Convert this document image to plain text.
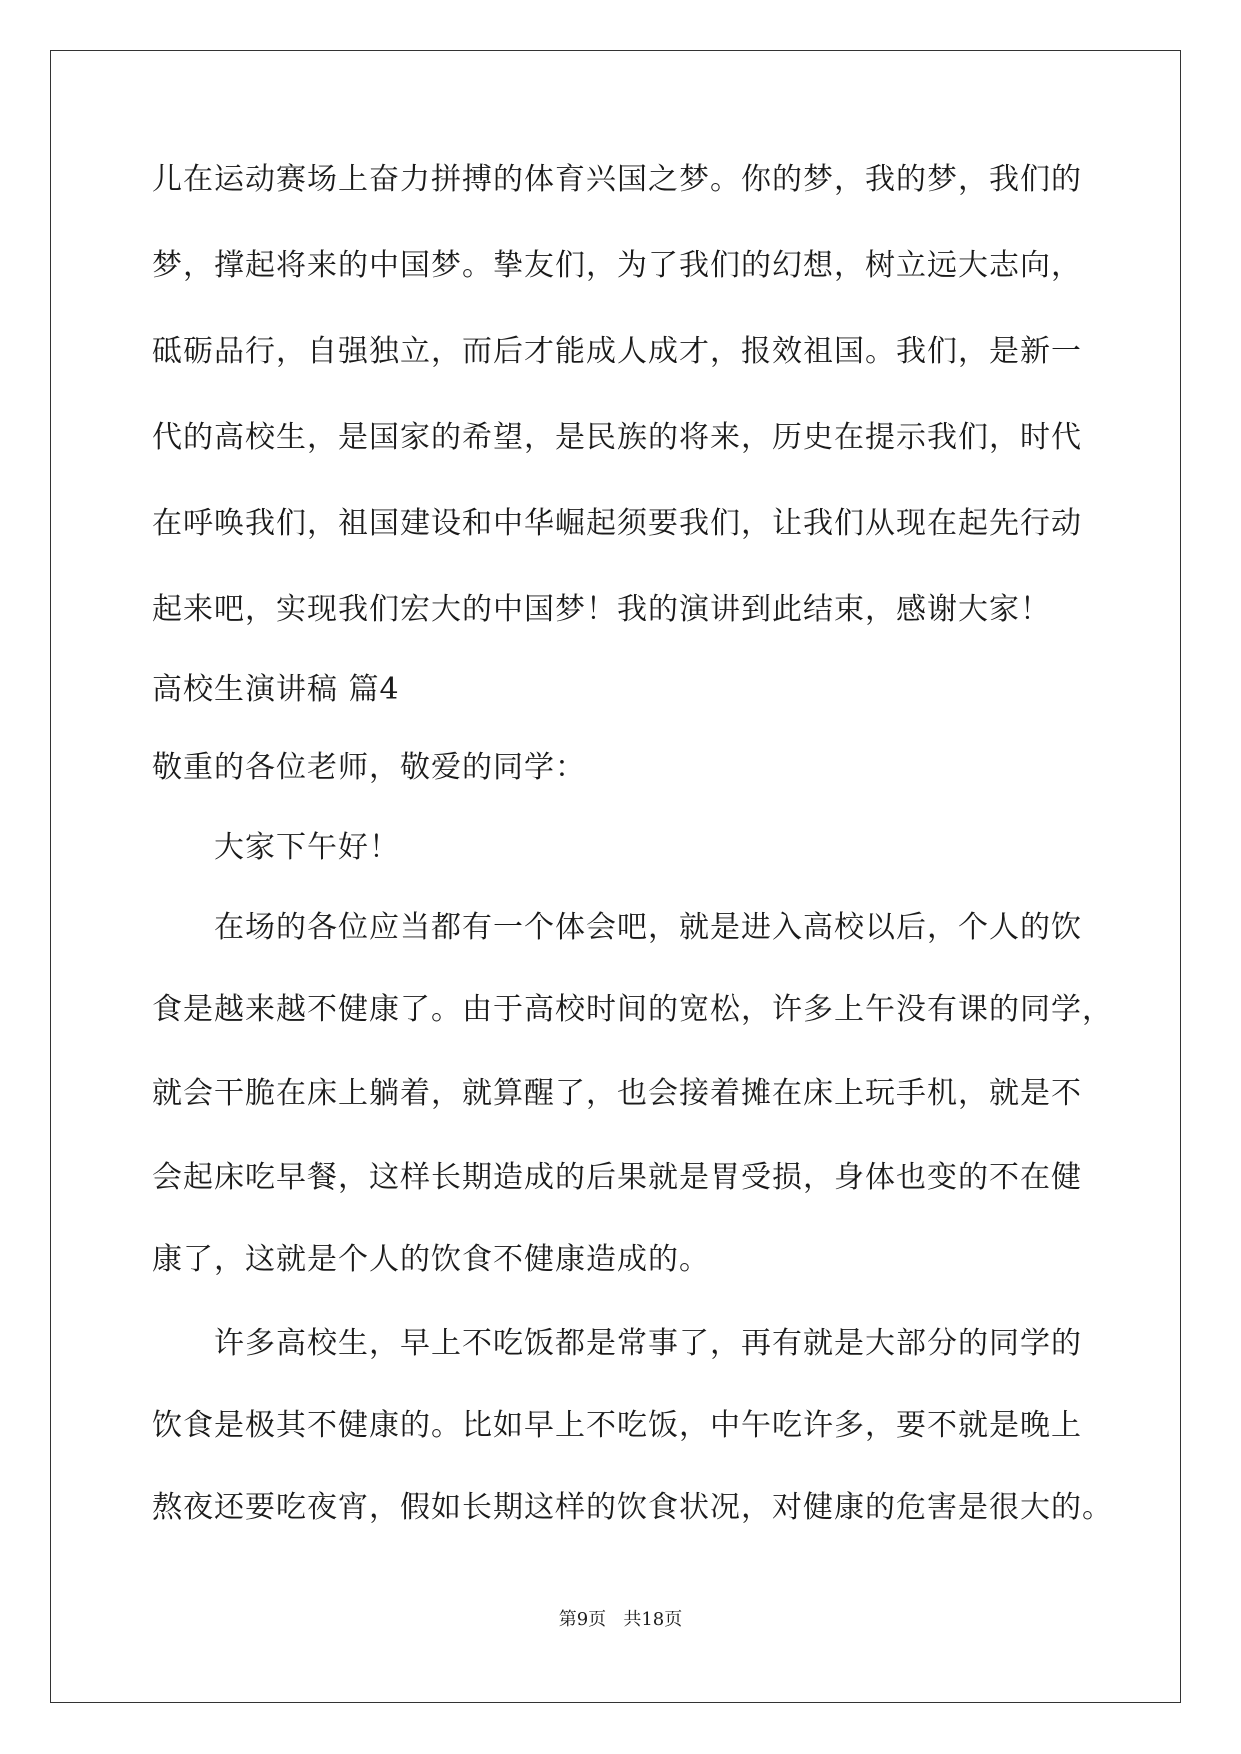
儿在运动赛场上奋力拼搏的体育兴国之梦。你的梦，我的梦，我们的
梦，撑起将来的中国梦。挚友们，为了我们的幻想，树立远大志向，
砥砺品行，自强独立，而后才能成人成才，报效祖国。我们，是新一
代的高校生，是国家的希望，是民族的将来，历史在提示我们，时代
在呼唤我们，祖国建设和中华崛起须要我们，让我们从现在起先行动
起来吧，实现我们宏大的中国梦！我的演讲到此结束，感谢大家！
高校生演讲稿 篇4
敬重的各位老师，敬爱的同学：
大家下午好！
在场的各位应当都有一个体会吧，就是进入高校以后，个人的饮
食是越来越不健康了。由于高校时间的宽松，许多上午没有课的同学，
就会干脆在床上躺着，就算醒了，也会接着摊在床上玩手机，就是不
会起床吃早餐，这样长期造成的后果就是胃受损，身体也变的不在健
康了，这就是个人的饮食不健康造成的。
许多高校生，早上不吃饭都是常事了，再有就是大部分的同学的
饮食是极其不健康的。比如早上不吃饭，中午吃许多，要不就是晚上
熬夜还要吃夜宵，假如长期这样的饮食状况，对健康的危害是很大的。
第9页 共18页
